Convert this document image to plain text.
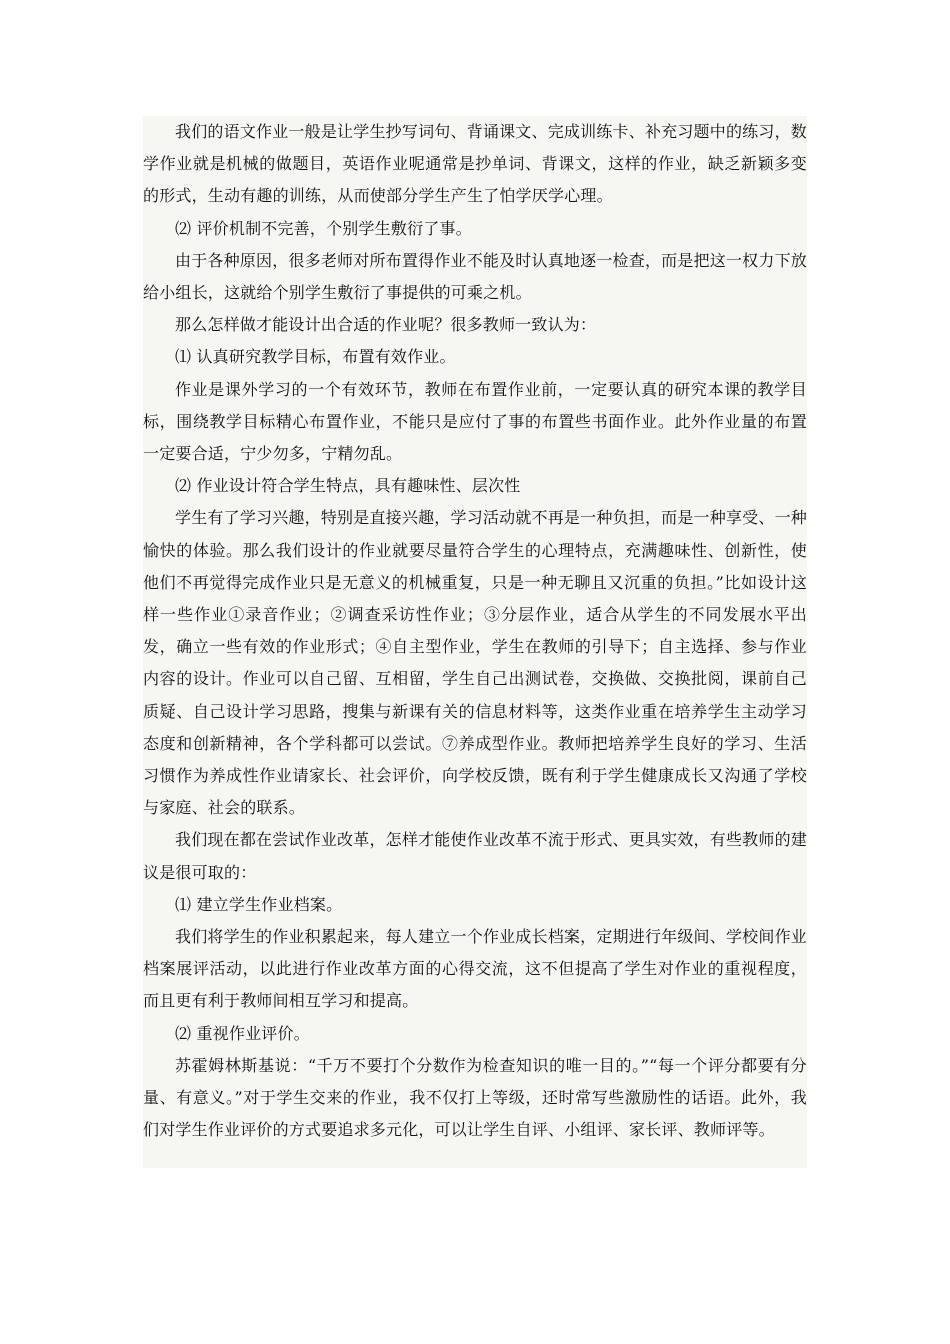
我们的语文作业一般是让学生抄写词句、背诵课文、完成训练卡、补充习题中的练习，数学作业就是机械的做题目，英语作业呢通常是抄单词、背课文，这样的作业，缺乏新颖多变的形式，生动有趣的训练，从而使部分学生产生了怕学厌学心理。

⑵ 评价机制不完善，个别学生敷衍了事。

由于各种原因，很多老师对所布置得作业不能及时认真地逐一检查，而是把这一权力下放给小组长，这就给个别学生敷衍了事提供的可乘之机。

那么怎样做才能设计出合适的作业呢？很多教师一致认为：

⑴ 认真研究教学目标，布置有效作业。

作业是课外学习的一个有效环节，教师在布置作业前，一定要认真的研究本课的教学目标，围绕教学目标精心布置作业，不能只是应付了事的布置些书面作业。此外作业量的布置一定要合适，宁少勿多，宁精勿乱。

⑵ 作业设计符合学生特点，具有趣味性、层次性

学生有了学习兴趣，特别是直接兴趣，学习活动就不再是一种负担，而是一种享受、一种愉快的体验。那么我们设计的作业就要尽量符合学生的心理特点，充满趣味性、创新性，使他们不再觉得完成作业只是无意义的机械重复，只是一种无聊且又沉重的负担。”比如设计这样一些作业①录音作业；②调查采访性作业；③分层作业，适合从学生的不同发展水平出发，确立一些有效的作业形式；④自主型作业，学生在教师的引导下；自主选择、参与作业内容的设计。作业可以自己留、互相留，学生自己出测试卷，交换做、交换批阅，课前自己质疑、自己设计学习思路，搜集与新课有关的信息材料等，这类作业重在培养学生主动学习态度和创新精神，各个学科都可以尝试。⑦养成型作业。教师把培养学生良好的学习、生活习惯作为养成性作业请家长、社会评价，向学校反馈，既有利于学生健康成长又沟通了学校与家庭、社会的联系。

我们现在都在尝试作业改革，怎样才能使作业改革不流于形式、更具实效，有些教师的建议是很可取的：

⑴ 建立学生作业档案。

我们将学生的作业积累起来，每人建立一个作业成长档案，定期进行年级间、学校间作业档案展评活动，以此进行作业改革方面的心得交流，这不但提高了学生对作业的重视程度，而且更有利于教师间相互学习和提高。

⑵ 重视作业评价。

苏霍姆林斯基说：“千万不要打个分数作为检查知识的唯一目的。”“每一个评分都要有分量、有意义。”对于学生交来的作业，我不仅打上等级，还时常写些激励性的话语。此外，我们对学生作业评价的方式要追求多元化，可以让学生自评、小组评、家长评、教师评等。
